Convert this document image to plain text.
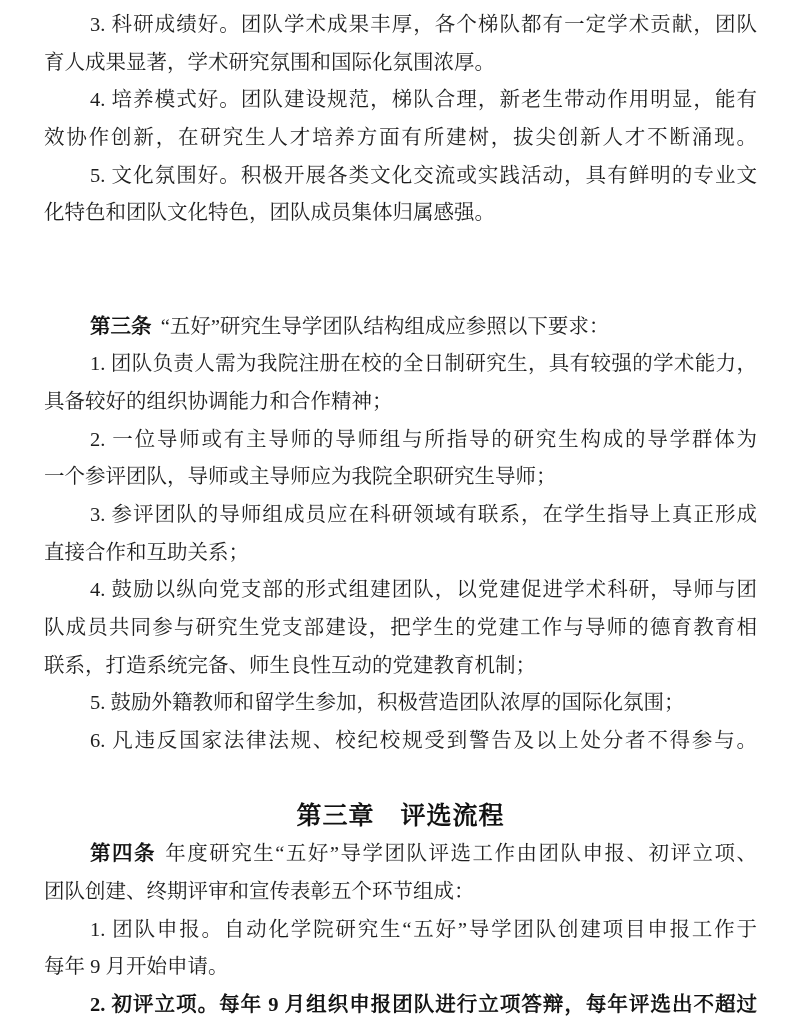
3. 科研成绩好。团队学术成果丰厚，各个梯队都有一定学术贡献，团队
育人成果显著，学术研究氛围和国际化氛围浓厚。
4. 培养模式好。团队建设规范，梯队合理，新老生带动作用明显，能有
效协作创新，在研究生人才培养方面有所建树，拔尖创新人才不断涌现。
5. 文化氛围好。积极开展各类文化交流或实践活动，具有鲜明的专业文
化特色和团队文化特色，团队成员集体归属感强。
第三条 “五好”研究生导学团队结构组成应参照以下要求：
1. 团队负责人需为我院注册在校的全日制研究生，具有较强的学术能力，
具备较好的组织协调能力和合作精神；
2. 一位导师或有主导师的导师组与所指导的研究生构成的导学群体为
一个参评团队，导师或主导师应为我院全职研究生导师；
3. 参评团队的导师组成员应在科研领域有联系，在学生指导上真正形成
直接合作和互助关系；
4. 鼓励以纵向党支部的形式组建团队，以党建促进学术科研，导师与团
队成员共同参与研究生党支部建设，把学生的党建工作与导师的德育教育相
联系，打造系统完备、师生良性互动的党建教育机制；
5. 鼓励外籍教师和留学生参加，积极营造团队浓厚的国际化氛围；
6. 凡违反国家法律法规、校纪校规受到警告及以上处分者不得参与。
第三章　评选流程
第四条 年度研究生“五好”导学团队评选工作由团队申报、初评立项、
团队创建、终期评审和宣传表彰五个环节组成：
1. 团队申报。自动化学院研究生“五好”导学团队创建项目申报工作于
每年 9 月开始申请。
2. 初评立项。每年 9 月组织申报团队进行立项答辩，每年评选出不超过
